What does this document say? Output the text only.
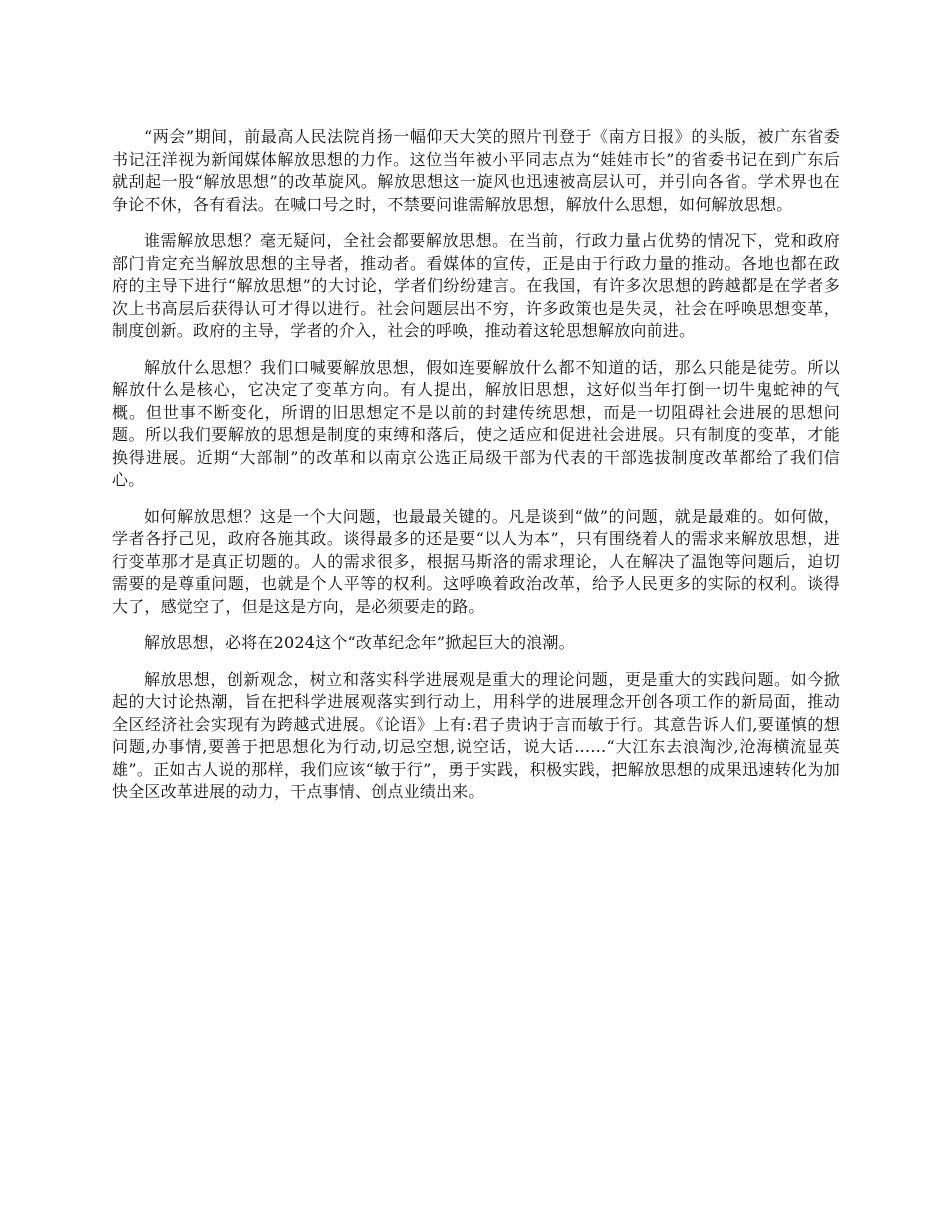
“两会”期间，前最高人民法院肖扬一幅仰天大笑的照片刊登于《南方日报》的头版，被广东省委书记汪洋视为新闻媒体解放思想的力作。这位当年被小平同志点为“娃娃市长”的省委书记在到广东后就刮起一股“解放思想”的改革旋风。解放思想这一旋风也迅速被高层认可，并引向各省。学术界也在争论不休，各有看法。在喊口号之时，不禁要问谁需解放思想，解放什么思想，如何解放思想。

谁需解放思想？毫无疑问，全社会都要解放思想。在当前，行政力量占优势的情况下，党和政府部门肯定充当解放思想的主导者，推动者。看媒体的宣传，正是由于行政力量的推动。各地也都在政府的主导下进行“解放思想”的大讨论，学者们纷纷建言。在我国，有许多次思想的跨越都是在学者多次上书高层后获得认可才得以进行。社会问题层出不穷，许多政策也是失灵，社会在呼唤思想变革，制度创新。政府的主导，学者的介入，社会的呼唤，推动着这轮思想解放向前进。

解放什么思想？我们口喊要解放思想，假如连要解放什么都不知道的话，那么只能是徒劳。所以解放什么是核心，它决定了变革方向。有人提出，解放旧思想，这好似当年打倒一切牛鬼蛇神的气概。但世事不断变化，所谓的旧思想定不是以前的封建传统思想，而是一切阻碍社会进展的思想问题。所以我们要解放的思想是制度的束缚和落后，使之适应和促进社会进展。只有制度的变革，才能换得进展。近期“大部制”的改革和以南京公选正局级干部为代表的干部选拔制度改革都给了我们信心。

如何解放思想？这是一个大问题，也最最关键的。凡是谈到“做”的问题，就是最难的。如何做，学者各抒己见，政府各施其政。谈得最多的还是要“以人为本”，只有围绕着人的需求来解放思想，进行变革那才是真正切题的。人的需求很多，根据马斯洛的需求理论，人在解决了温饱等问题后，迫切需要的是尊重问题，也就是个人平等的权利。这呼唤着政治改革，给予人民更多的实际的权利。谈得大了，感觉空了，但是这是方向，是必须要走的路。

解放思想，必将在2024这个“改革纪念年”掀起巨大的浪潮。

解放思想，创新观念，树立和落实科学进展观是重大的理论问题，更是重大的实践问题。如今掀起的大讨论热潮，旨在把科学进展观落实到行动上，用科学的进展理念开创各项工作的新局面，推动全区经济社会实现有为跨越式进展。《论语》上有:君子贵讷于言而敏于行。其意告诉人们,要谨慎的想问题,办事情,要善于把思想化为行动,切忌空想,说空话，说大话……“大江东去浪淘沙,沧海横流显英雄”。正如古人说的那样，我们应该“敏于行”，勇于实践，积极实践，把解放思想的成果迅速转化为加快全区改革进展的动力，干点事情、创点业绩出来。
